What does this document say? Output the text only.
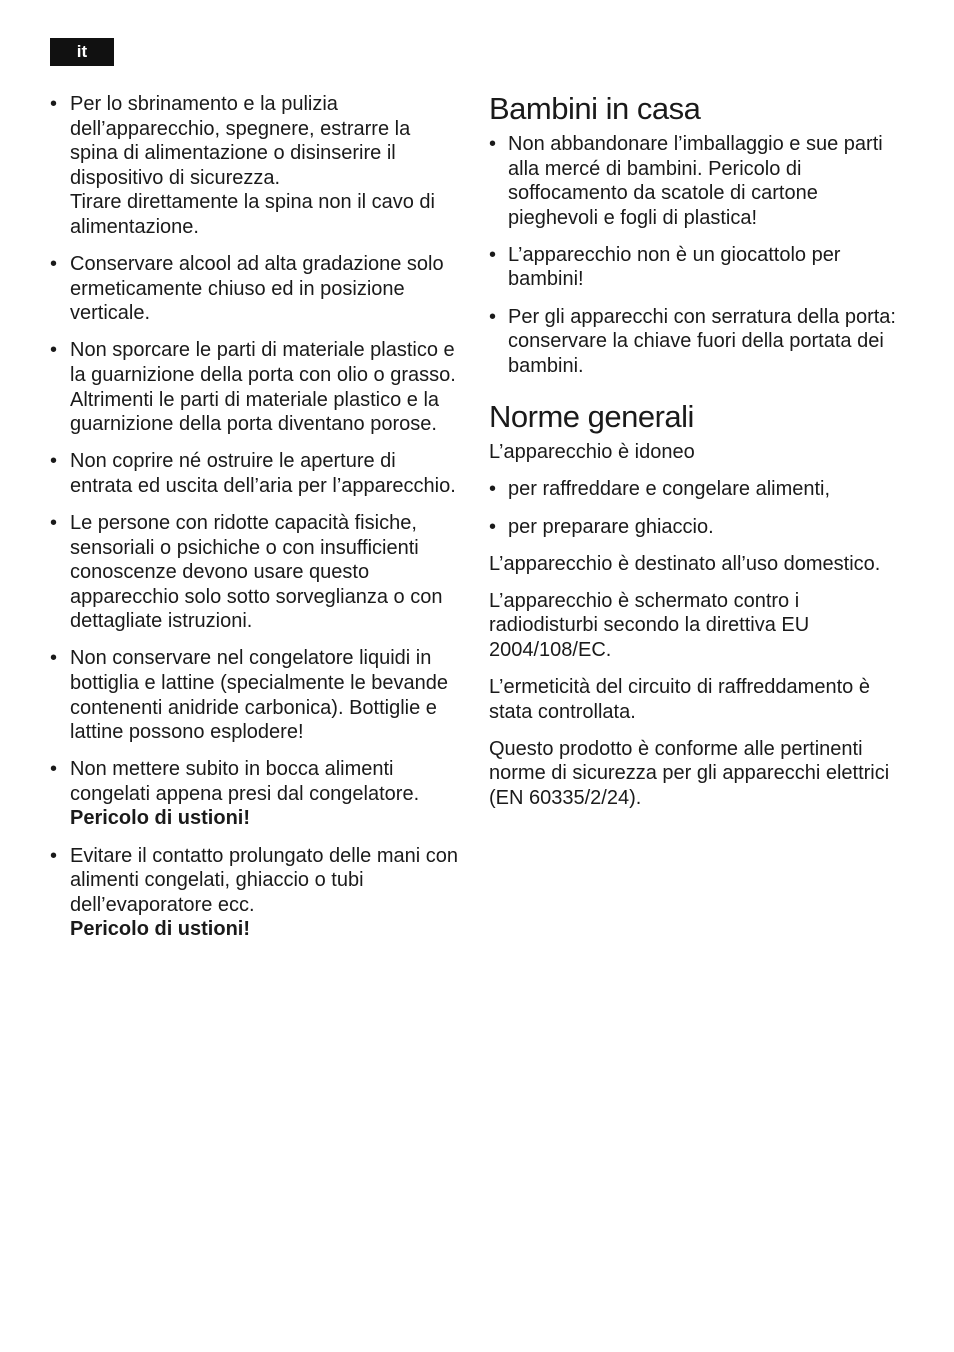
it
• Per lo sbrinamento e la pulizia dell’apparecchio, spegnere, estrarre la spina di alimentazione o disinserire il dispositivo di sicurezza.
Tirare direttamente la spina non il cavo di alimentazione.
• Conservare alcool ad alta gradazione solo ermeticamente chiuso ed in posizione verticale.
• Non sporcare le parti di materiale plastico e la guarnizione della porta con olio o grasso. Altrimenti le parti di materiale plastico e la guarnizione della porta diventano porose.
• Non coprire né ostruire le aperture di entrata ed uscita dell’aria per l’apparecchio.
• Le persone con ridotte capacità fisiche, sensoriali o psichiche o con insufficienti conoscenze devono usare questo apparecchio solo sotto sorveglianza o con dettagliate istruzioni.
• Non conservare nel congelatore liquidi in bottiglia e lattine (specialmente le bevande contenenti anidride carbonica). Bottiglie e lattine possono esplodere!
• Non mettere subito in bocca alimenti congelati appena presi dal congelatore.
Pericolo di ustioni!
• Evitare il contatto prolungato delle mani con alimenti congelati, ghiaccio o tubi dell’evaporatore ecc.
Pericolo di ustioni!
Bambini in casa
• Non abbandonare l’imballaggio e sue parti alla mercé di bambini. Pericolo di soffocamento da scatole di cartone pieghevoli e fogli di plastica!
• L’apparecchio non è un giocattolo per bambini!
• Per gli apparecchi con serratura della porta: conservare la chiave fuori della portata dei bambini.
Norme generali

L’apparecchio è idoneo

• per raffreddare e congelare alimenti,
• per preparare ghiaccio.

L’apparecchio è destinato all’uso domestico.

L’apparecchio è schermato contro i radiodisturbi secondo la direttiva EU 2004/108/EC.

L’ermeticità del circuito di raffreddamento è stata controllata.

Questo prodotto è conforme alle pertinenti norme di sicurezza per gli apparecchi elettrici (EN 60335/2/24).
